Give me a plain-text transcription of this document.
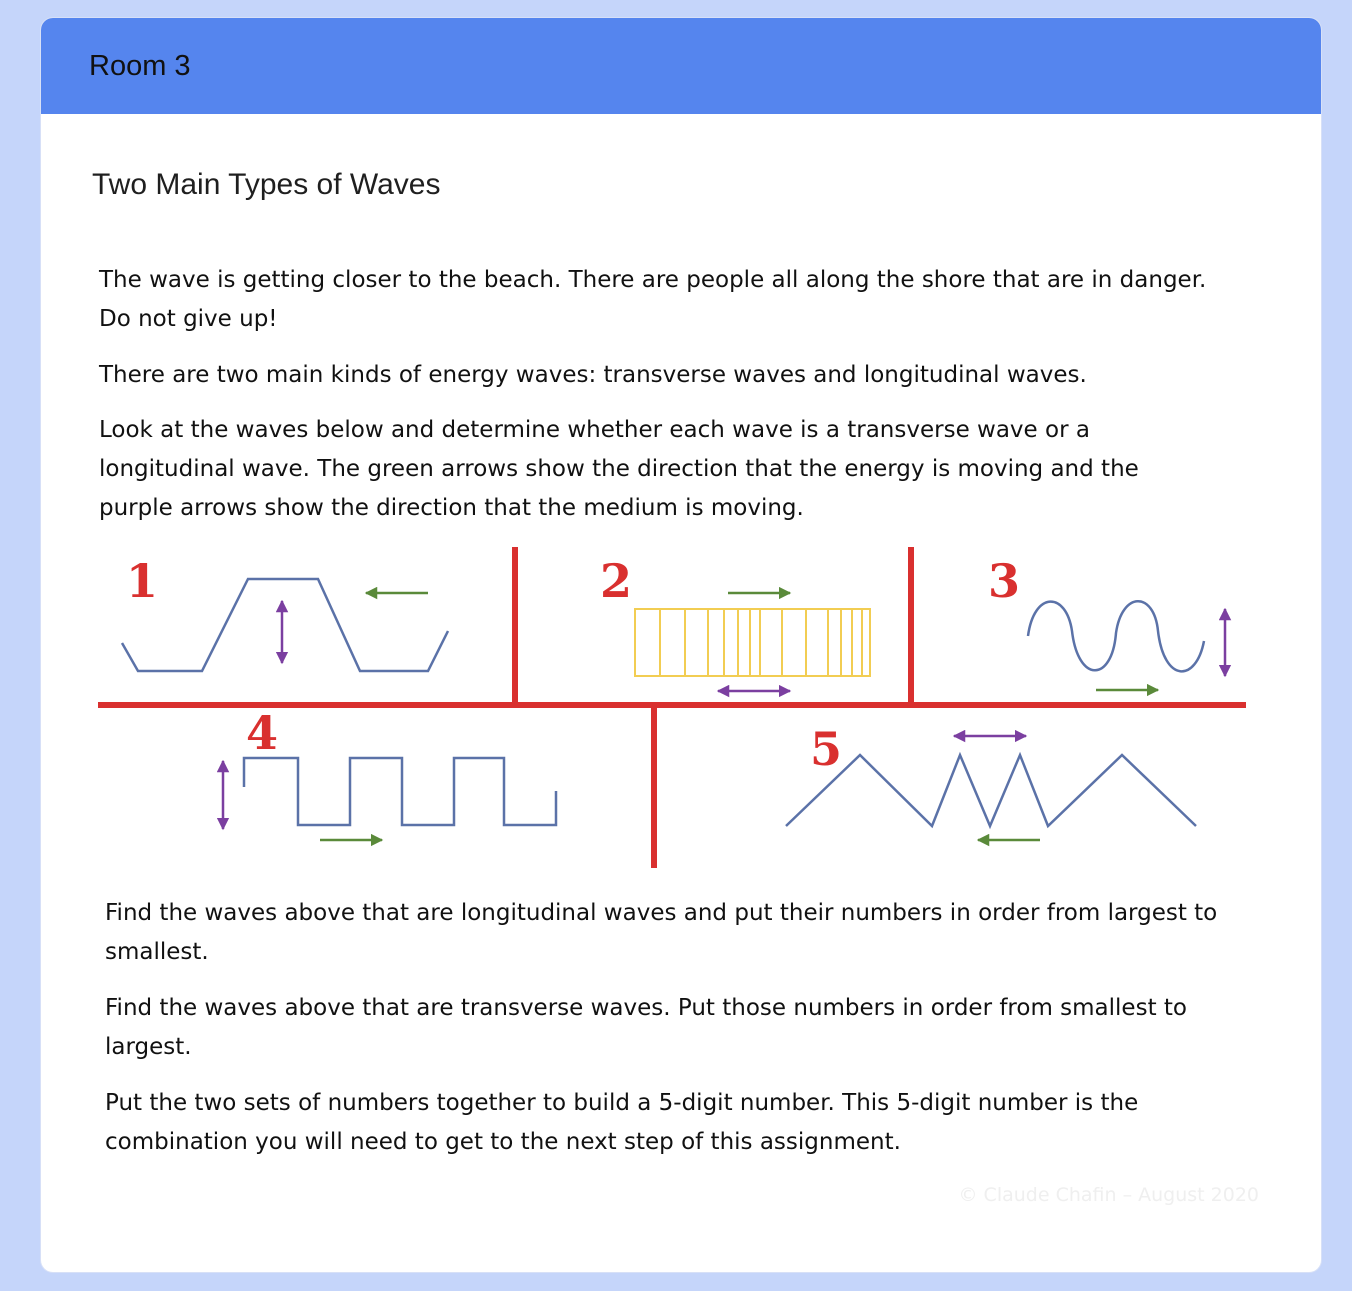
Room 3
Two Main Types of Waves

The wave is getting closer to the beach. There are people all along the shore that are in danger. Do not give up!

There are two main kinds of energy waves: transverse waves and longitudinal waves.

Look at the waves below and determine whether each wave is a transverse wave or a longitudinal wave. The green arrows show the direction that the energy is moving and the purple arrows show the direction that the medium is moving.

1	2	3
4	5

Find the waves above that are longitudinal waves and put their numbers in order from largest to smallest.

Find the waves above that are transverse waves. Put those numbers in order from smallest to largest.

Put the two sets of numbers together to build a 5-digit number. This 5-digit number is the combination you will need to get to the next step of this assignment.

© Claude Chafin – August 2020
